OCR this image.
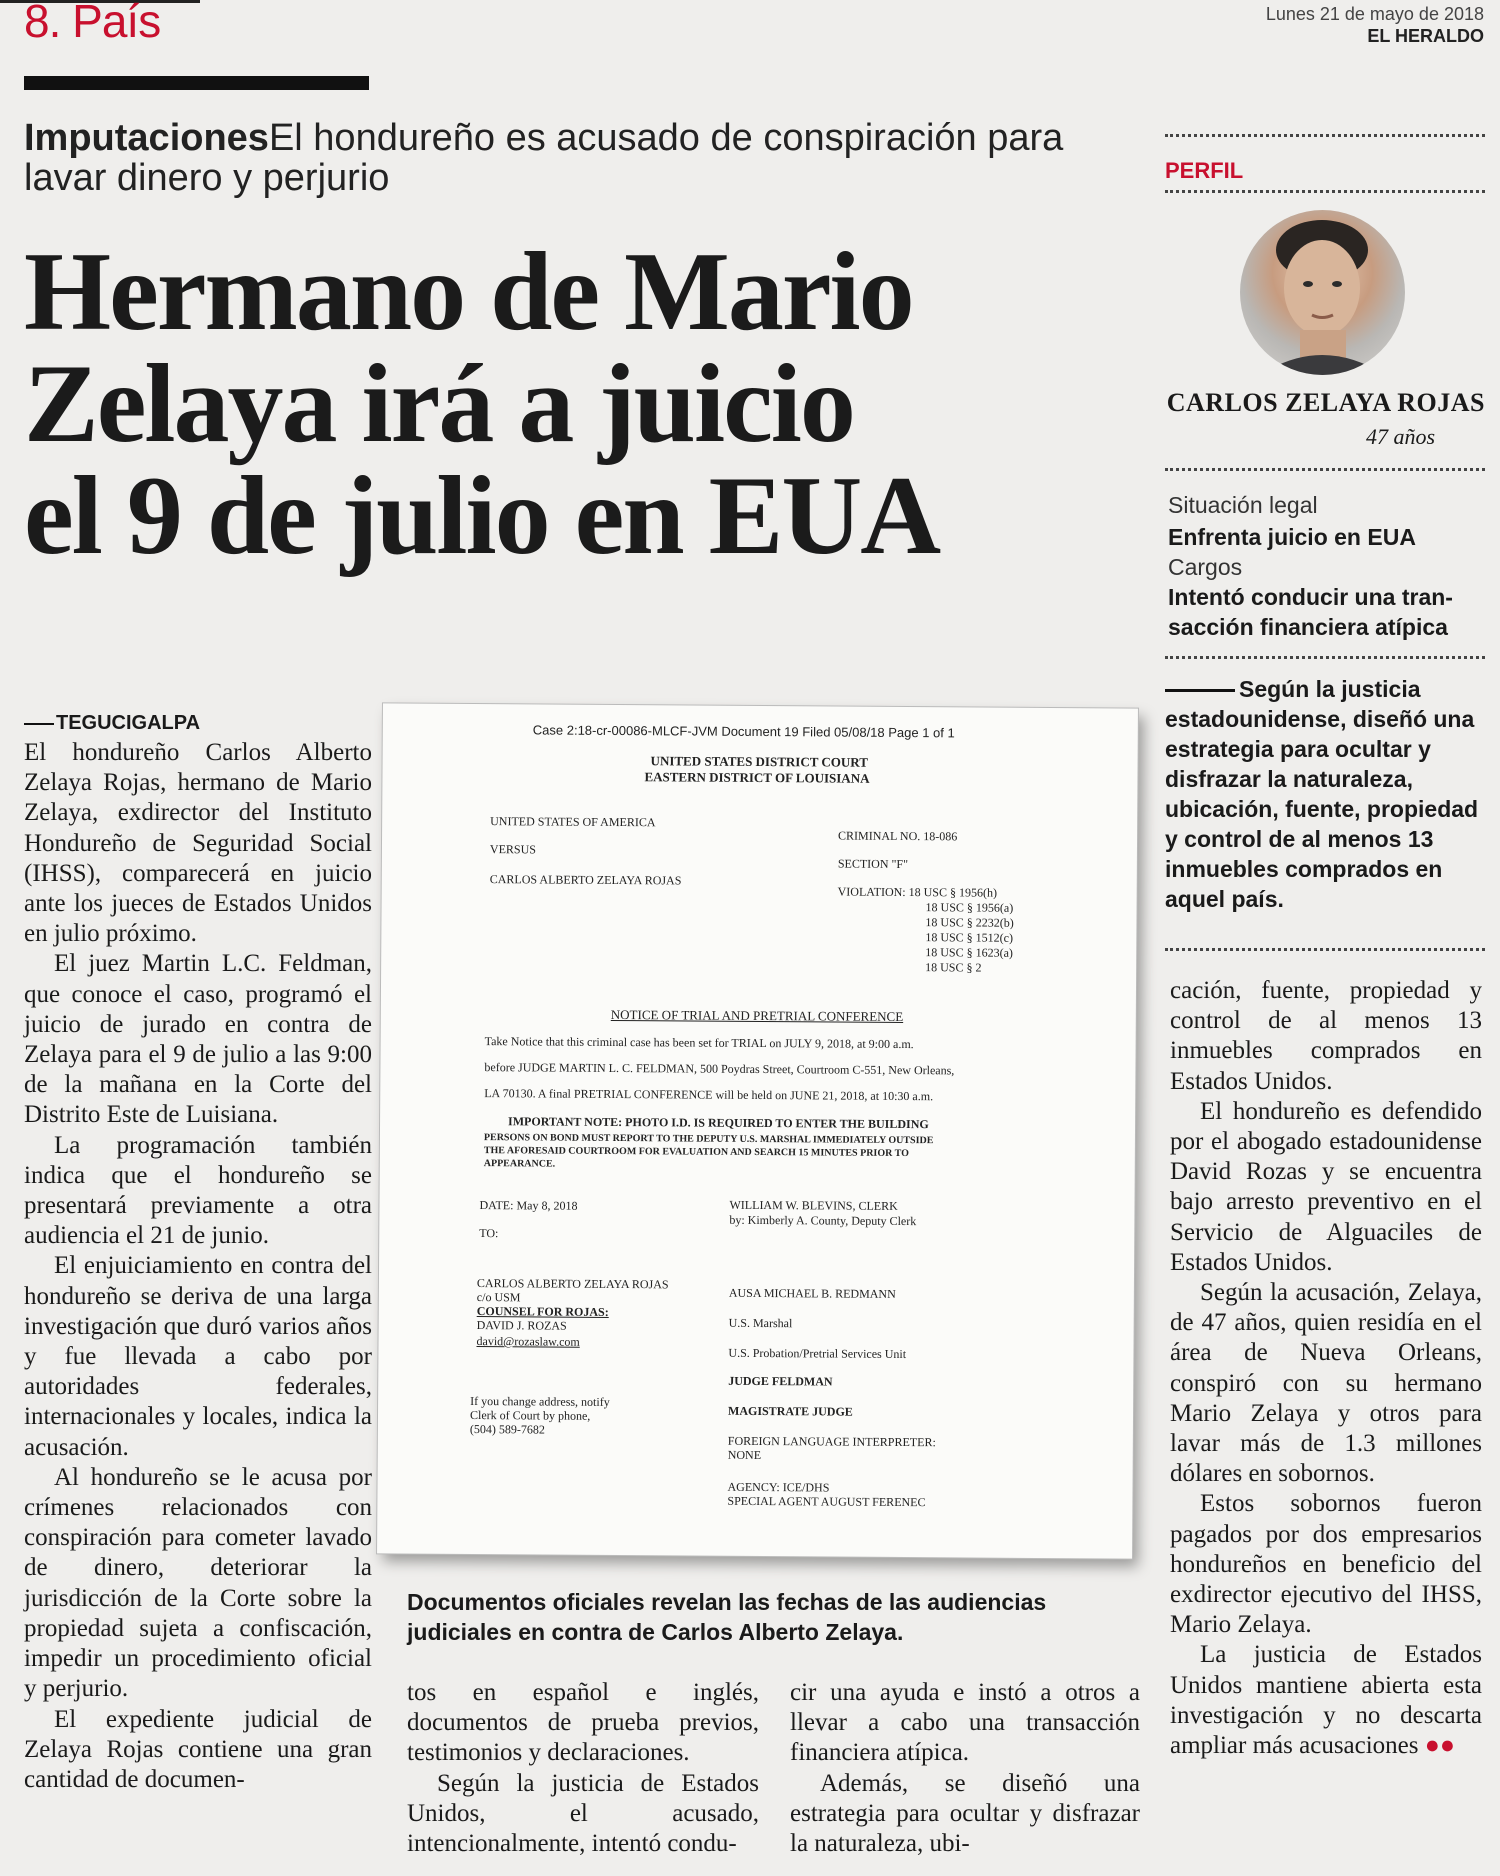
8. País	Lunes 21 de mayo de 2018
EL HERALDO
ImputacionesEl hondureño es acusado de conspiración para lavar dinero y perjurio
Hermano de Mario
Zelaya irá a juicio
el 9 de julio en EUA
PERFIL
CARLOS ZELAYA ROJAS
47 años
Situación legal
Enfrenta juicio en EUA
Cargos
Intentó conducir una tran-
sacción financiera atípica
Según la justicia estadounidense, diseñó una estrategia para ocultar y disfrazar la naturaleza, ubicación, fuente, propiedad y control de al menos 13 inmuebles comprados en aquel país.
TEGUCIGALPA

El hondureño Carlos Alberto Zelaya Rojas, hermano de Mario Zelaya, exdirector del Instituto Hondureño de Seguridad Social (IHSS), comparecerá en juicio ante los jueces de Estados Unidos en julio próximo.

El juez Martin L.C. Feldman, que conoce el caso, programó el juicio de jurado en contra de Zelaya para el 9 de julio a las 9:00 de la mañana en la Corte del Distrito Este de Luisiana.

La programación también indica que el hondureño se presentará previamente a otra audiencia el 21 de junio.

El enjuiciamiento en contra del hondureño se deriva de una larga investigación que duró varios años y fue llevada a cabo por autoridades federales, internacionales y locales, indica la acusación.

Al hondureño se le acusa por crímenes relacionados con conspiración para cometer lavado de dinero, deteriorar la jurisdicción de la Corte sobre la propiedad sujeta a confiscación, impedir un procedimiento oficial y perjurio.

El expediente judicial de Zelaya Rojas contiene una gran cantidad de documen-

tos en español e inglés, documentos de prueba previos, testimonios y declaraciones.

Según la justicia de Estados Unidos, el acusado, intencionalmente, intentó condu-

cir una ayuda e instó a otros a llevar a cabo una transacción financiera atípica.

Además, se diseñó una estrategia para ocultar y disfrazar la naturaleza, ubi-

cación, fuente, propiedad y control de al menos 13 inmuebles comprados en Estados Unidos.

El hondureño es defendido por el abogado estadounidense David Rozas y se encuentra bajo arresto preventivo en el Servicio de Alguaciles de Estados Unidos.

Según la acusación, Zelaya, de 47 años, quien residía en el área de Nueva Orleans, conspiró con su hermano Mario Zelaya y otros para lavar más de 1.3 millones dólares en sobornos.

Estos sobornos fueron pagados por dos empresarios hondureños en beneficio del exdirector ejecutivo del IHSS, Mario Zelaya.

La justicia de Estados Unidos mantiene abierta esta investigación y no descarta ampliar más acusaciones ●●

Case 2:18-cr-00086-MLCF-JVM Document 19 Filed 05/08/18 Page 1 of 1
UNITED STATES DISTRICT COURT
EASTERN DISTRICT OF LOUISIANA
UNITED STATES OF AMERICA
VERSUS
CARLOS ALBERTO ZELAYA ROJAS
CRIMINAL NO. 18-086
SECTION "F"
VIOLATION: 18 USC § 1956(h)
18 USC § 1956(a)
18 USC § 2232(b)
18 USC § 1512(c)
18 USC § 1623(a)
18 USC § 2
NOTICE OF TRIAL AND PRETRIAL CONFERENCE
Take Notice that this criminal case has been set for TRIAL on JULY 9, 2018, at 9:00 a.m.
before JUDGE MARTIN L. C. FELDMAN, 500 Poydras Street, Courtroom C-551, New Orleans,
LA 70130. A final PRETRIAL CONFERENCE will be held on JUNE 21, 2018, at 10:30 a.m.
IMPORTANT NOTE: PHOTO I.D. IS REQUIRED TO ENTER THE BUILDING
PERSONS ON BOND MUST REPORT TO THE DEPUTY U.S. MARSHAL IMMEDIATELY OUTSIDE
THE AFORESAID COURTROOM FOR EVALUATION AND SEARCH 15 MINUTES PRIOR TO
APPEARANCE.
DATE: May 8, 2018
TO:
WILLIAM W. BLEVINS, CLERK
by: Kimberly A. County, Deputy Clerk
CARLOS ALBERTO ZELAYA ROJAS
c/o USM
COUNSEL FOR ROJAS:
DAVID J. ROZAS
david@rozaslaw.com
AUSA MICHAEL B. REDMANN
U.S. Marshal
U.S. Probation/Pretrial Services Unit
JUDGE FELDMAN
MAGISTRATE JUDGE
FOREIGN LANGUAGE INTERPRETER:
NONE
AGENCY: ICE/DHS
SPECIAL AGENT AUGUST FERENEC
If you change address, notify
Clerk of Court by phone,
(504) 589-7682
Documentos oficiales revelan las fechas de las audiencias judiciales en contra de Carlos Alberto Zelaya.
